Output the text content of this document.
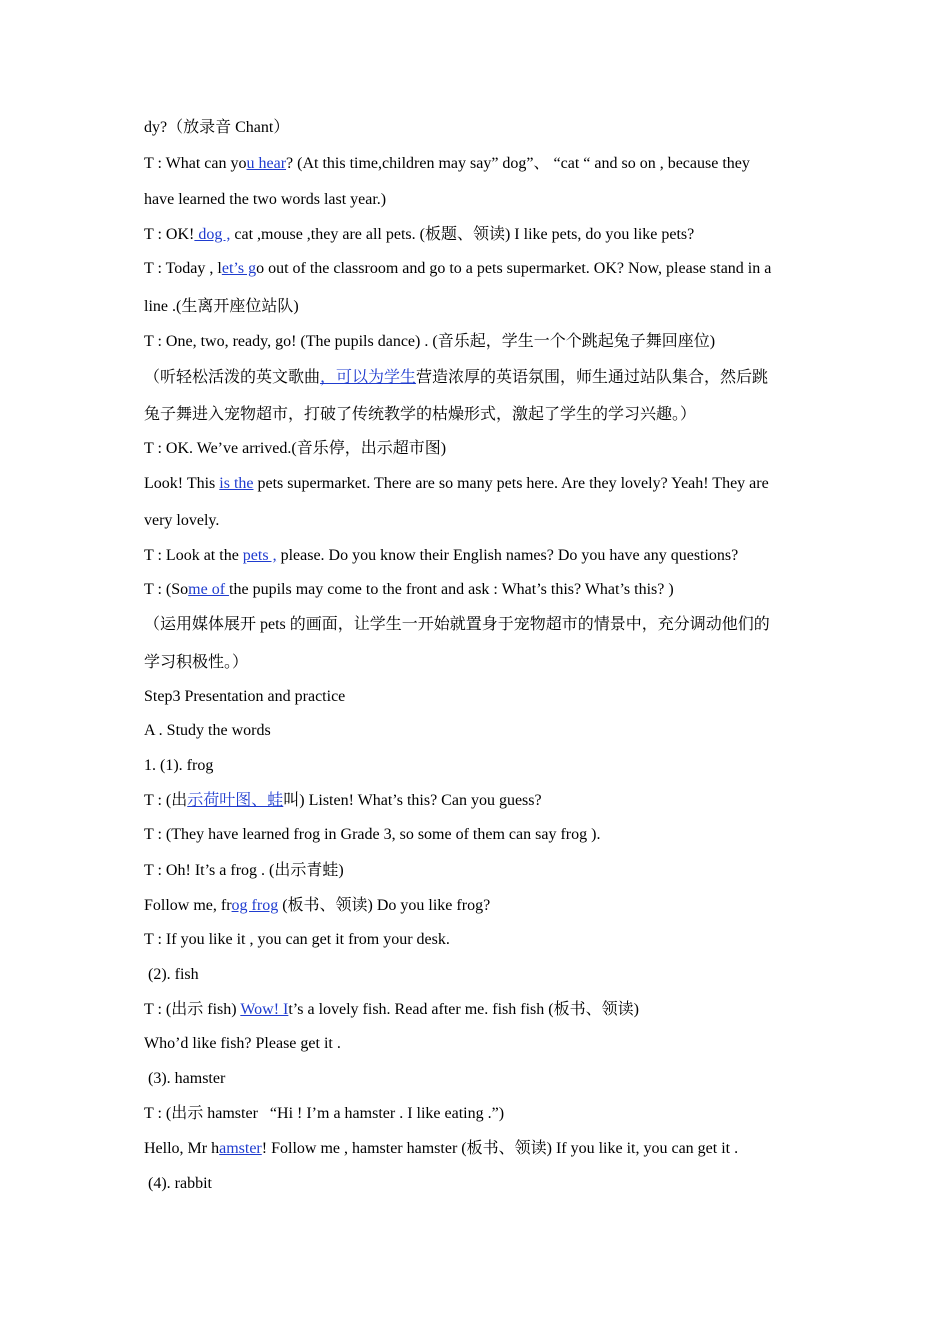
dy?（放录音 Chant）
T : What can you hear? (At this time,children may say” dog”、 “cat “ and so on , because they
have learned the two words last year.)
T : OK! dog , cat ,mouse ,they are all pets. (板题、领读) I like pets, do you like pets?
T : Today , let’s go out of the classroom and go to a pets supermarket. OK? Now, please stand in a
line .(生离开座位站队)
T : One, two, ready, go! (The pupils dance) . (音乐起，学生一个个跳起兔子舞回座位)
（听轻松活泼的英文歌曲，可以为学生营造浓厚的英语氛围，师生通过站队集合，然后跳
兔子舞进入宠物超市，打破了传统教学的枯燥形式，激起了学生的学习兴趣。）
T : OK. We’ve arrived.(音乐停，出示超市图)
Look! This is the pets supermarket. There are so many pets here. Are they lovely? Yeah! They are
very lovely.
T : Look at the pets , please. Do you know their English names? Do you have any questions?
T : (Some of the pupils may come to the front and ask : What’s this? What’s this? )
（运用媒体展开 pets 的画面，让学生一开始就置身于宠物超市的情景中，充分调动他们的
学习积极性。）
Step3 Presentation and practice
A . Study the words
1. (1). frog
T : (出示荷叶图、蛙叫) Listen! What’s this? Can you guess?
T : (They have learned frog in Grade 3, so some of them can say frog ).
T : Oh! It’s a frog . (出示青蛙)
Follow me, frog frog (板书、领读) Do you like frog?
T : If you like it , you can get it from your desk.
(2). fish
T : (出示 fish) Wow! It’s a lovely fish. Read after me. fish fish (板书、领读)
Who’d like fish? Please get it .
(3). hamster
T : (出示 hamster   “Hi ! I’m a hamster . I like eating .”)
Hello, Mr hamster! Follow me , hamster hamster (板书、领读) If you like it, you can get it .
(4). rabbit
